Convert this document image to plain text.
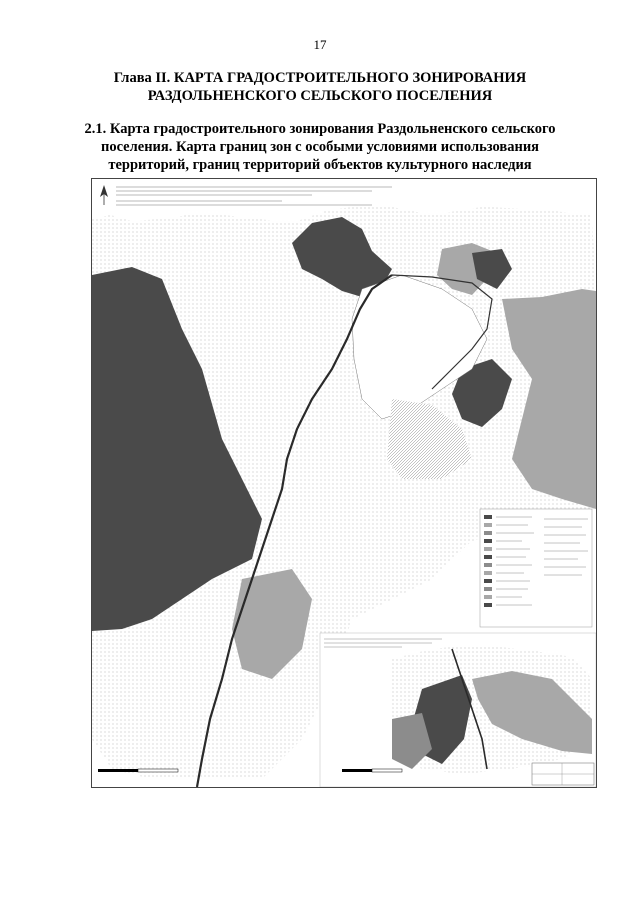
17
Глава II. КАРТА ГРАДОСТРОИТЕЛЬНОГО ЗОНИРОВАНИЯ
РАЗДОЛЬНЕНСКОГО СЕЛЬСКОГО ПОСЕЛЕНИЯ
2.1. Карта градостроительного зонирования Раздольненского сельского
поселения. Карта границ зон с особыми условиями использования
территорий, границ территорий объектов культурного наследия
